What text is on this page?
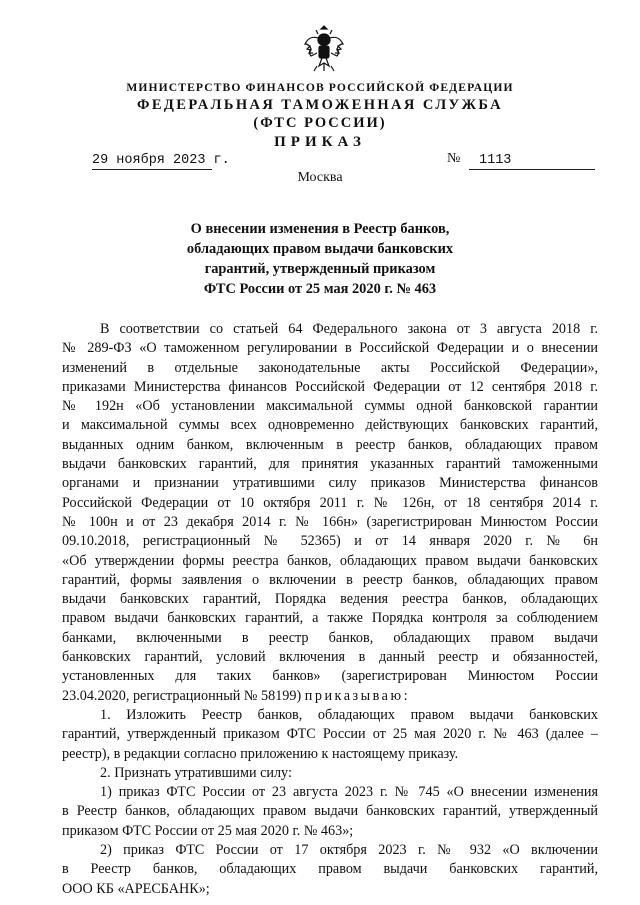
МИНИСТЕРСТВО ФИНАНСОВ РОССИЙСКОЙ ФЕДЕРАЦИИ
ФЕДЕРАЛЬНАЯ ТАМОЖЕННАЯ СЛУЖБА
(ФТС РОССИИ)
ПРИКАЗ
29 ноября 2023 г.	№	1113
Москва
О внесении изменения в Реестр банков,
обладающих правом выдачи банковских
гарантий, утвержденный приказом
ФТС России от 25 мая 2020 г. № 463
В соответствии со статьей 64 Федерального закона от 3 августа 2018 г.
№ 289-ФЗ «О таможенном регулировании в Российской Федерации и о внесении
изменений в отдельные законодательные акты Российской Федерации»,
приказами Министерства финансов Российской Федерации от 12 сентября 2018 г.
№ 192н «Об установлении максимальной суммы одной банковской гарантии
и максимальной суммы всех одновременно действующих банковских гарантий,
выданных одним банком, включенным в реестр банков, обладающих правом
выдачи банковских гарантий, для принятия указанных гарантий таможенными
органами и признании утратившими силу приказов Министерства финансов
Российской Федерации от 10 октября 2011 г. № 126н, от 18 сентября 2014 г.
№ 100н и от 23 декабря 2014 г. № 166н» (зарегистрирован Минюстом России
09.10.2018, регистрационный № 52365) и от 14 января 2020 г. № 6н
«Об утверждении формы реестра банков, обладающих правом выдачи банковских
гарантий, формы заявления о включении в реестр банков, обладающих правом
выдачи банковских гарантий, Порядка ведения реестра банков, обладающих
правом выдачи банковских гарантий, а также Порядка контроля за соблюдением
банками, включенными в реестр банков, обладающих правом выдачи
банковских гарантий, условий включения в данный реестр и обязанностей,
установленных для таких банков» (зарегистрирован Минюстом России
23.04.2020, регистрационный № 58199) приказываю:
1. Изложить Реестр банков, обладающих правом выдачи банковских
гарантий, утвержденный приказом ФТС России от 25 мая 2020 г. № 463 (далее –
реестр), в редакции согласно приложению к настоящему приказу.
2. Признать утратившими силу:
1) приказ ФТС России от 23 августа 2023 г. № 745 «О внесении изменения
в Реестр банков, обладающих правом выдачи банковских гарантий, утвержденный
приказом ФТС России от 25 мая 2020 г. № 463»;
2) приказ ФТС России от 17 октября 2023 г. № 932 «О включении
в Реестр банков, обладающих правом выдачи банковских гарантий,
ООО КБ «АРЕСБАНК»;
